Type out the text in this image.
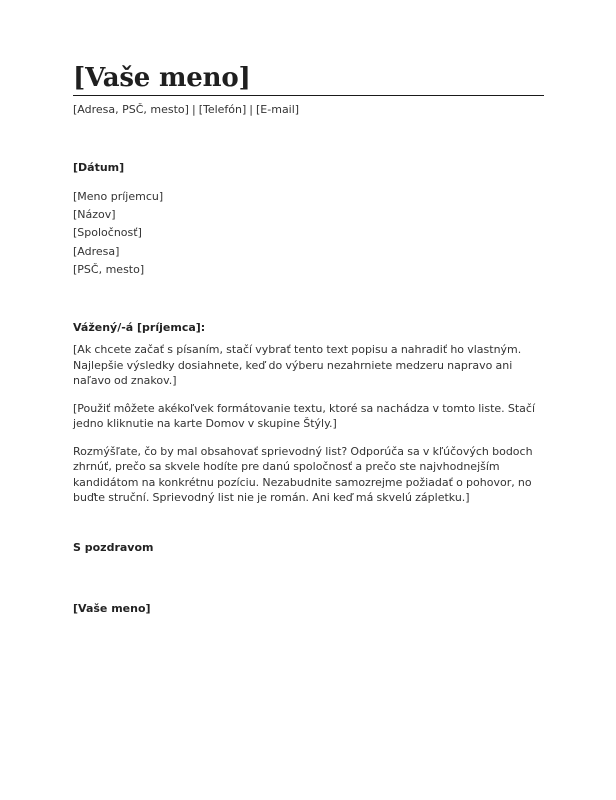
[Vaše meno]
[Adresa, PSČ, mesto] | [Telefón] | [E-mail]
[Dátum]
[Meno príjemcu]
[Názov]
[Spoločnosť]
[Adresa]
[PSČ, mesto]
Vážený/-á [príjemca]:

[Ak chcete začať s písaním, stačí vybrať tento text popisu a nahradiť ho vlastným. Najlepšie výsledky dosiahnete, keď do výberu nezahrniete medzeru napravo ani naľavo od znakov.]

[Použiť môžete akékoľvek formátovanie textu, ktoré sa nachádza v tomto liste. Stačí jedno kliknutie na karte Domov v skupine Štýly.]

Rozmýšľate, čo by mal obsahovať sprievodný list? Odporúča sa v kľúčových bodoch zhrnúť, prečo sa skvele hodíte pre danú spoločnosť a prečo ste najvhodnejším kandidátom na konkrétnu pozíciu. Nezabudnite samozrejme požiadať o pohovor, no buďte struční. Sprievodný list nie je román. Ani keď má skvelú zápletku.]

S pozdravom
[Vaše meno]
